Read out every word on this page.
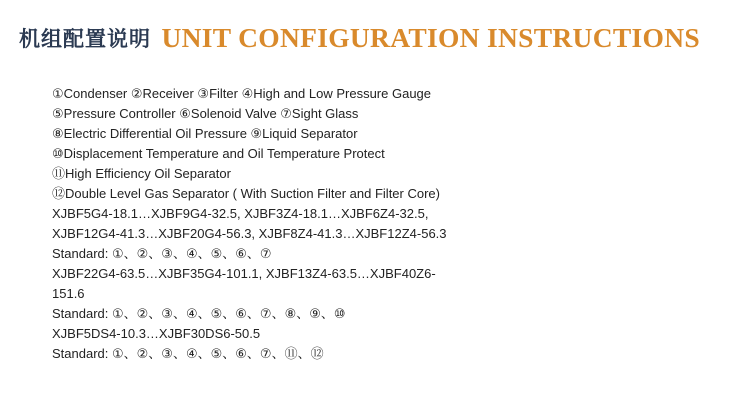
机组配置说明 UNIT CONFIGURATION INSTRUCTIONS
①Condenser ②Receiver ③Filter ④High and Low Pressure Gauge
⑤Pressure Controller ⑥Solenoid Valve ⑦Sight Glass
⑧Electric Differential Oil Pressure ⑨Liquid Separator
⑩Displacement Temperature and Oil Temperature Protect
⑪High Efficiency Oil Separator
⑫Double Level Gas Separator ( With Suction Filter and Filter Core)
XJBF5G4-18.1…XJBF9G4-32.5, XJBF3Z4-18.1…XJBF6Z4-32.5,
XJBF12G4-41.3…XJBF20G4-56.3, XJBF8Z4-41.3…XJBF12Z4-56.3
Standard: ①、②、③、④、⑤、⑥、⑦
XJBF22G4-63.5…XJBF35G4-101.1, XJBF13Z4-63.5…XJBF40Z6-
151.6
Standard: ①、②、③、④、⑤、⑥、⑦、⑧、⑨、⑩
XJBF5DS4-10.3…XJBF30DS6-50.5
Standard: ①、②、③、④、⑤、⑥、⑦、⑪、⑫
